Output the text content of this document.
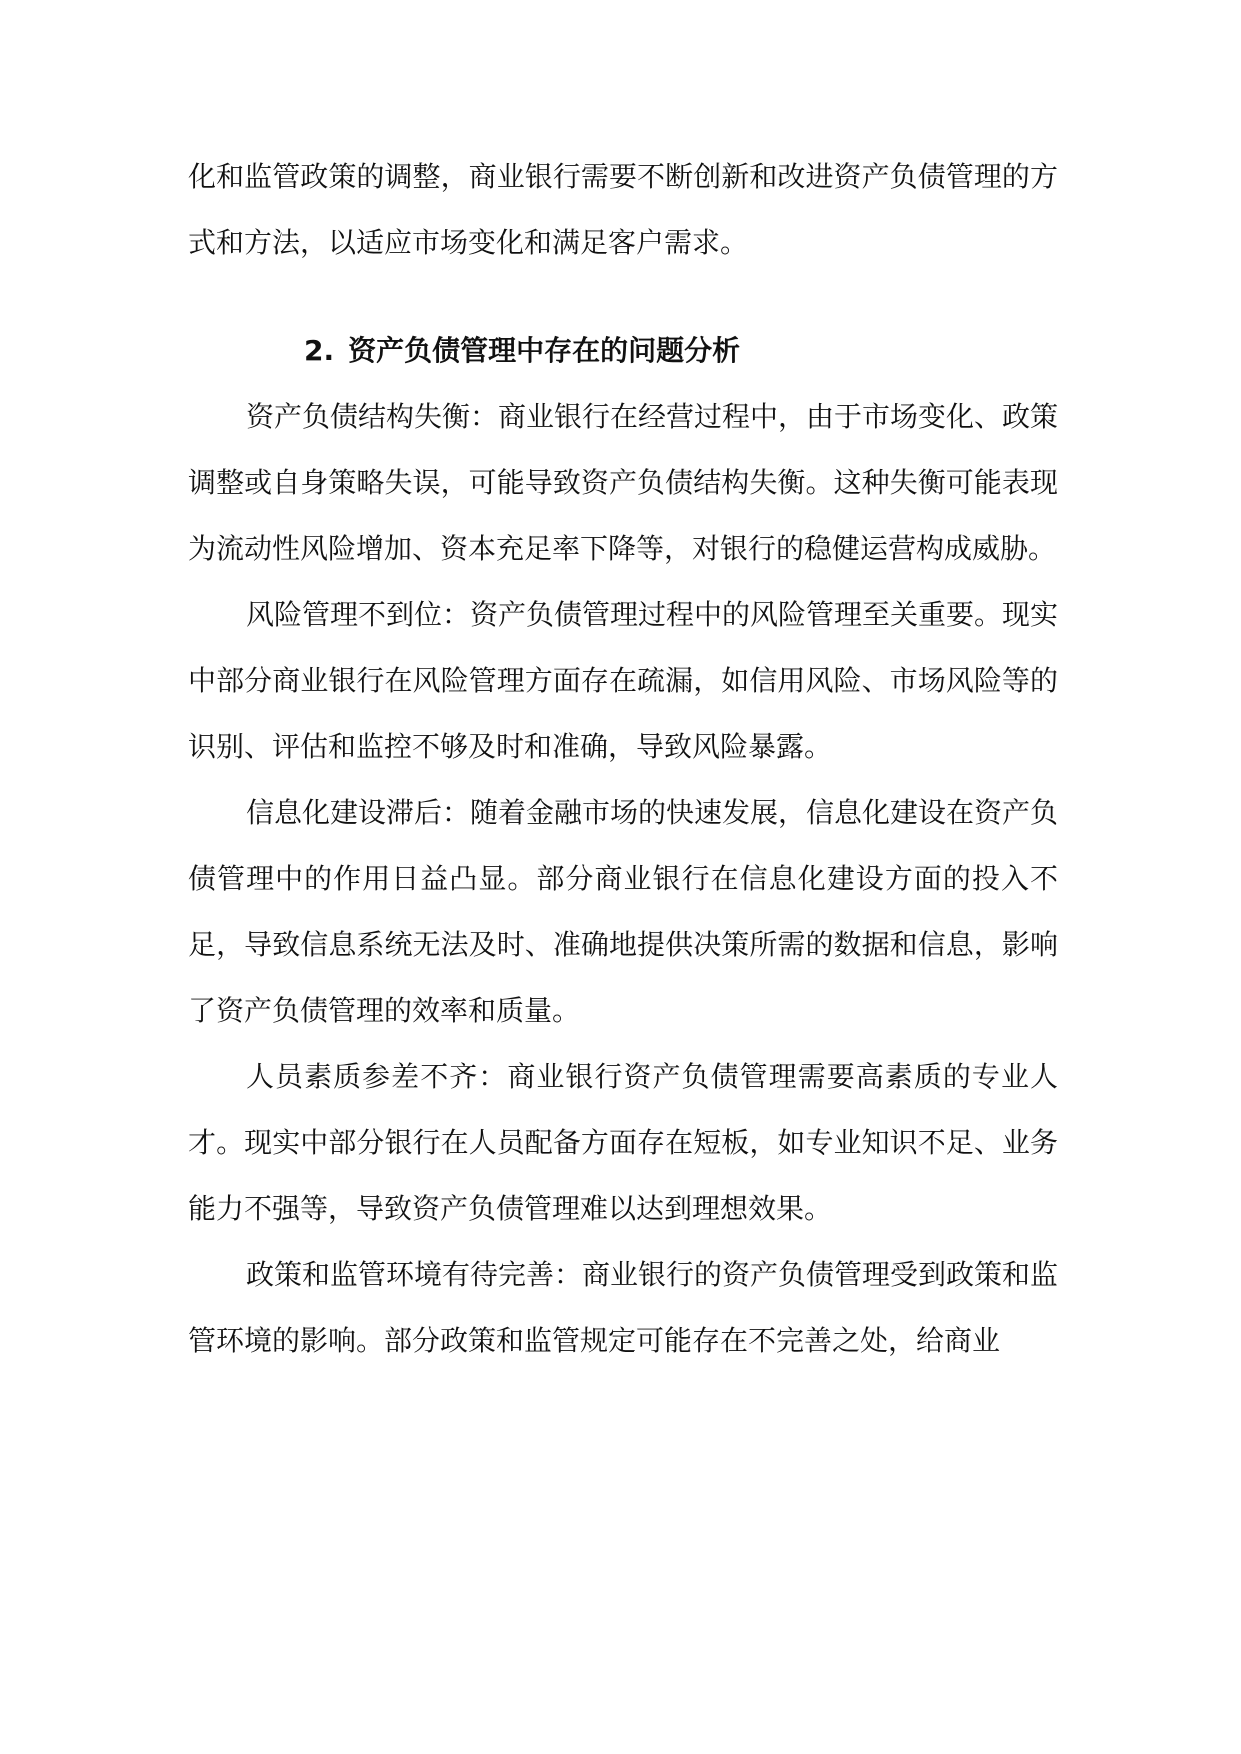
化和监管政策的调整，商业银行需要不断创新和改进资产负债管理的方式和方法，以适应市场变化和满足客户需求。

2. 资产负债管理中存在的问题分析

资产负债结构失衡：商业银行在经营过程中，由于市场变化、政策调整或自身策略失误，可能导致资产负债结构失衡。这种失衡可能表现为流动性风险增加、资本充足率下降等，对银行的稳健运营构成威胁。

风险管理不到位：资产负债管理过程中的风险管理至关重要。现实中部分商业银行在风险管理方面存在疏漏，如信用风险、市场风险等的识别、评估和监控不够及时和准确，导致风险暴露。

信息化建设滞后：随着金融市场的快速发展，信息化建设在资产负债管理中的作用日益凸显。部分商业银行在信息化建设方面的投入不足，导致信息系统无法及时、准确地提供决策所需的数据和信息，影响了资产负债管理的效率和质量。

人员素质参差不齐：商业银行资产负债管理需要高素质的专业人才。现实中部分银行在人员配备方面存在短板，如专业知识不足、业务能力不强等，导致资产负债管理难以达到理想效果。

政策和监管环境有待完善：商业银行的资产负债管理受到政策和监管环境的影响。部分政策和监管规定可能存在不完善之处，给商业
